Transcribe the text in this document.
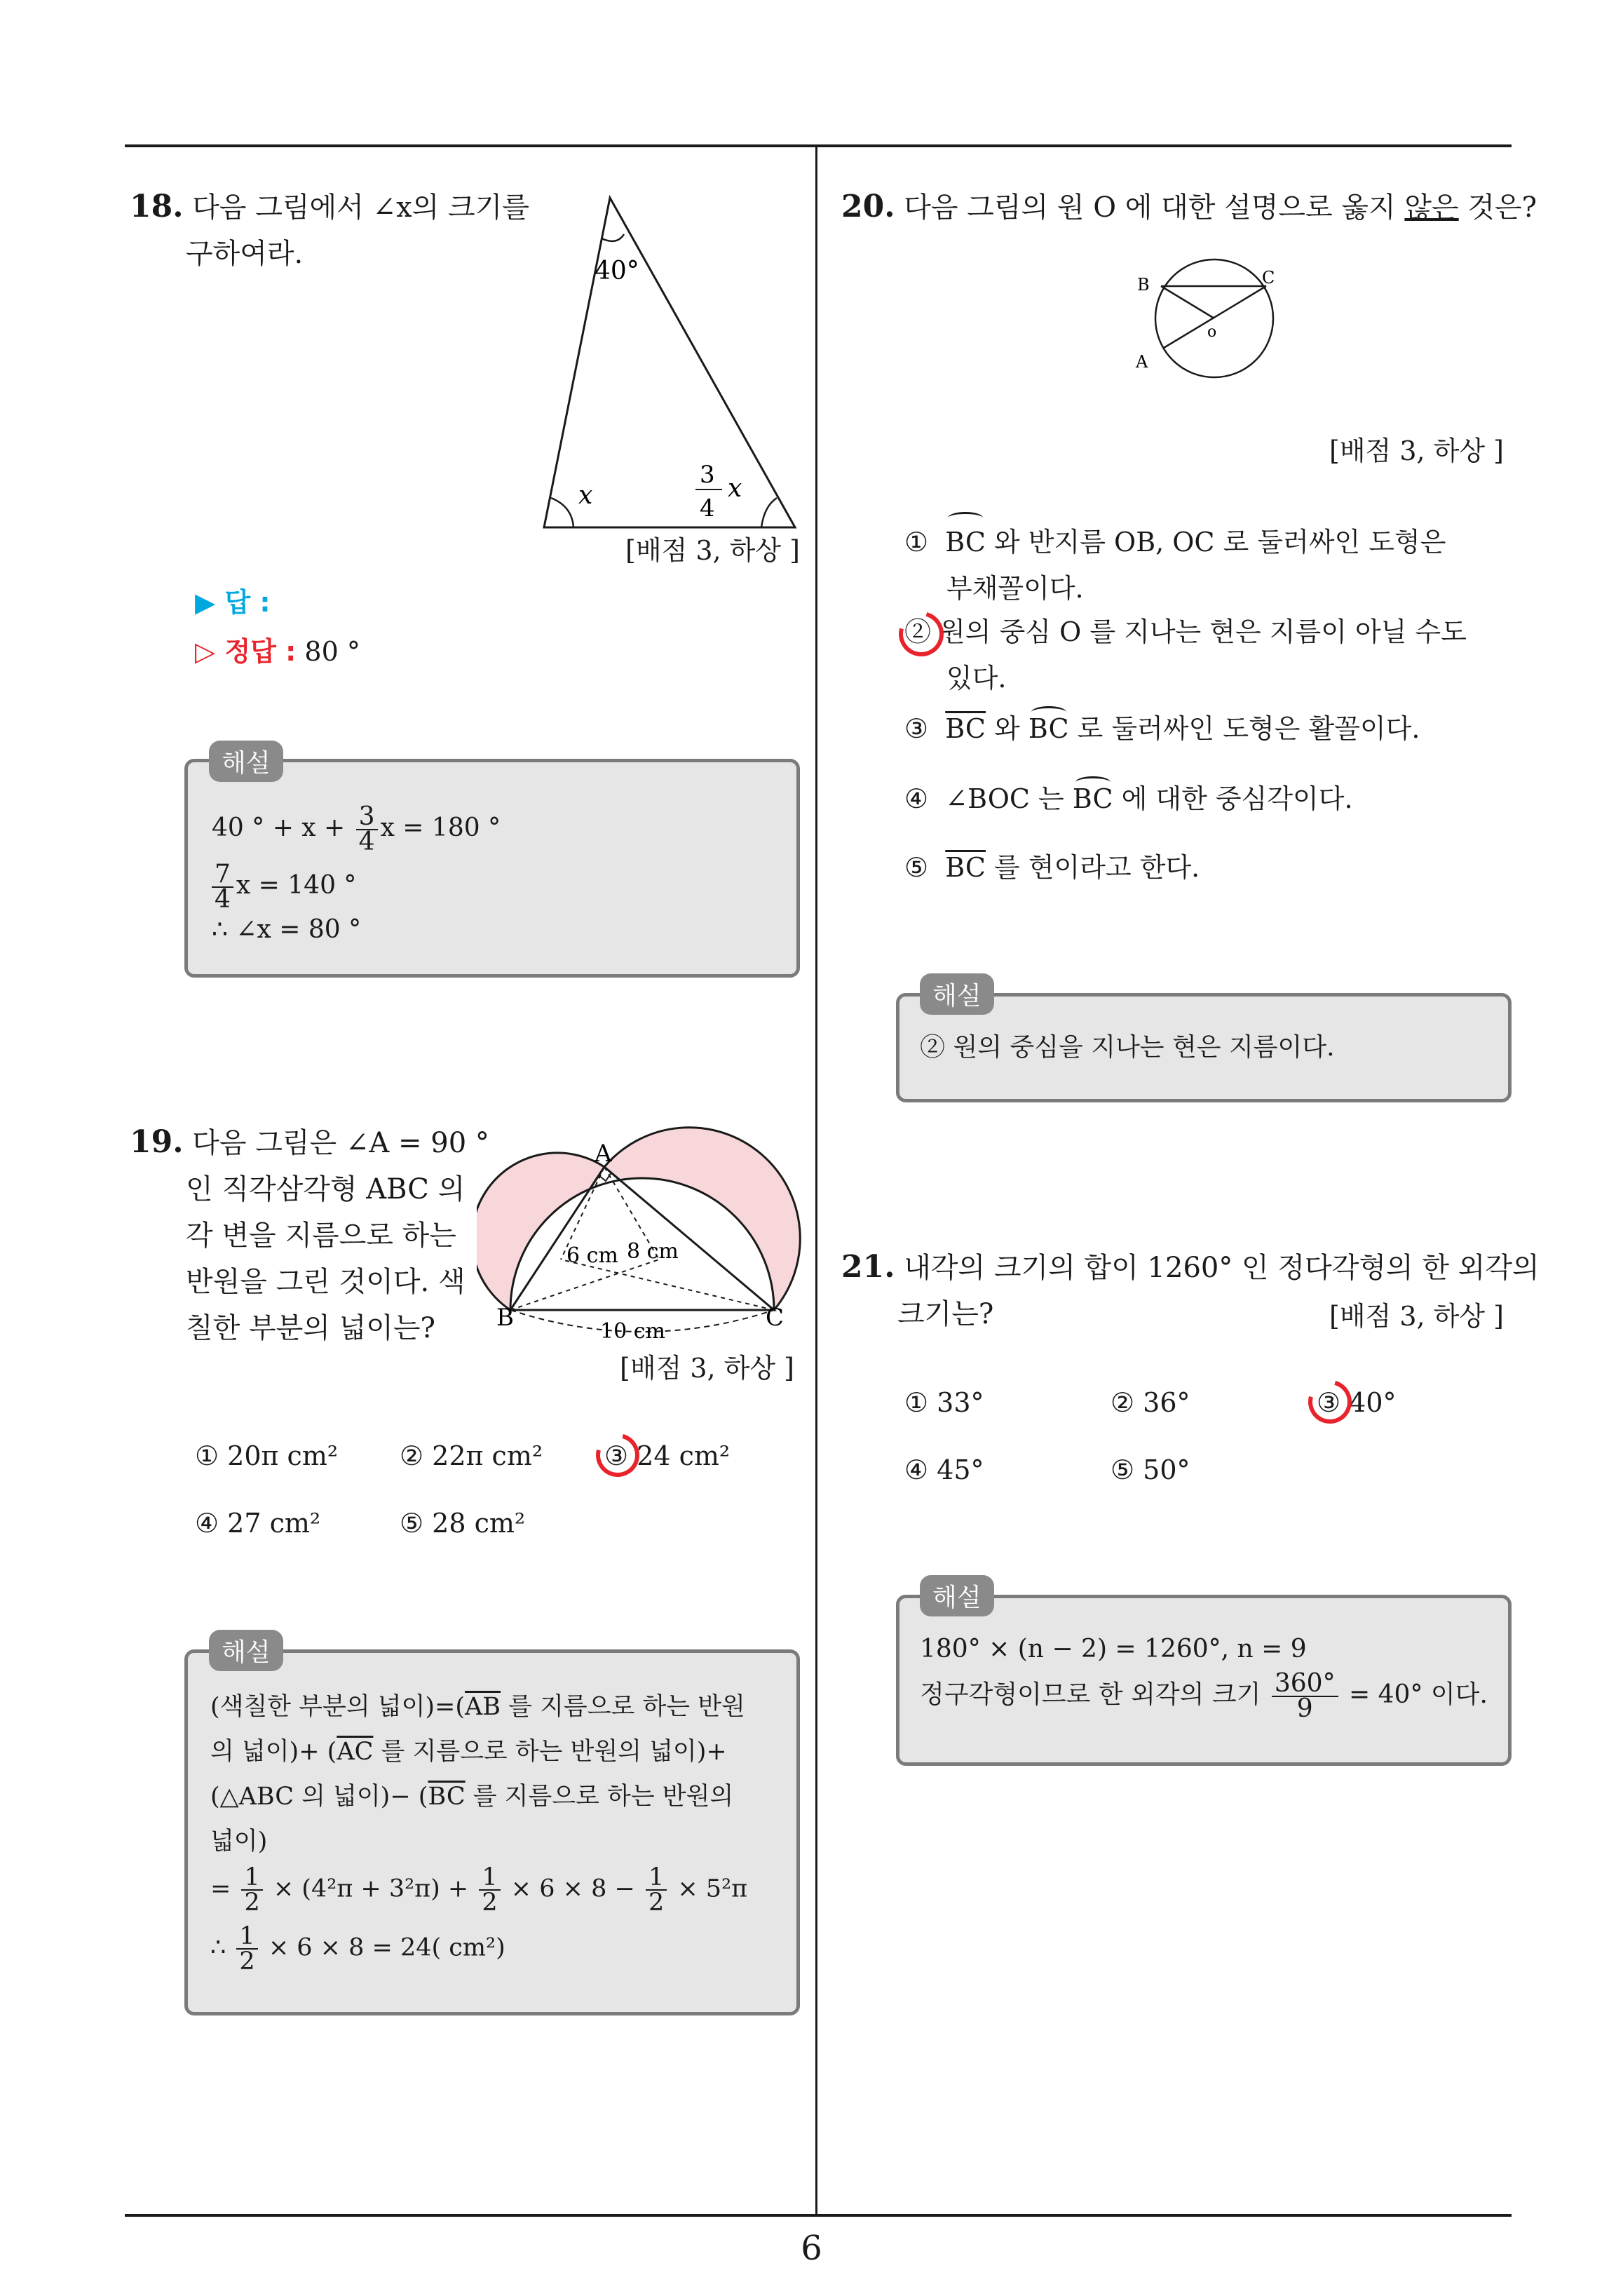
6
18. 다음 그림에서 ∠x의 크기를
구하여라.
40°
x
3
4
x
[배점 3, 하상 ]
▶ 답 :
▷ 정답 : 80 °
해설
40 ° + $x + \frac{3}{4}$ x = 180 °
$\frac{7}{4}$ x = 140 °
∴ ∠x = 80 °
19. 다음 그림은 ∠A = 90 °
인 직각삼각형 ABC 의
각 변을 지름으로 하는
반원을 그린 것이다. 색
칠한 부분의 넓이는?
A
B	C
6 cm 8 cm
10 cm
[배점 3, 하상 ]
① 20π cm² ② 22π cm² ③ 24 cm²
④ 27 cm²	⑤ 28 cm²
해설
(색칠한 부분의 넓이)$=(\overline{AB}$ 를 지름으로 하는 반원
의 넓이)+ ($\overline{AC}$ 를 지름으로 하는 반원의 넓이)+
(△ABC 의 넓이)− ($\overline{BC}$ 를 지름으로 하는 반원의
넓이)
= $\frac{1}{2} \times (4^2\pi + 3^2\pi) + \frac{1}{2} \times 6 \times 8 - \frac{1}{2} \times 5^2\pi$
∴ $\frac{1}{2} \times 6 \times 8 = 24$( cm²)
20. 다음 그림의 원 O 에 대한 설명으로 옳지 않은 것은?
B	C
o
A
[배점 3, 하상 ]
① BC 와 반지름 OB, OC 로 둘러싸인 도형은
부채꼴이다.
② 원의 중심 O 를 지나는 현은 지름이 아닐 수도
있다.
③ $\overline{BC}$ 와 BC 로 둘러싸인 도형은 활꼴이다.
④ ∠BOC 는 BC 에 대한 중심각이다.
⑤ $\overline{BC}$ 를 현이라고 한다.
해설
② 원의 중심을 지나는 현은 지름이다.
21. 내각의 크기의 합이 1260° 인 정다각형의 한 외각의
크기는?	[배점 3, 하상 ]
① 33°	② 36°	③ 40°
④ 45°	⑤ 50°
해설
180° × (n − 2) = 1260°, n = 9
정구각형이므로 한 외각의 크기 $\frac{360^\circ}{9} = 40^\circ$ 이다.
